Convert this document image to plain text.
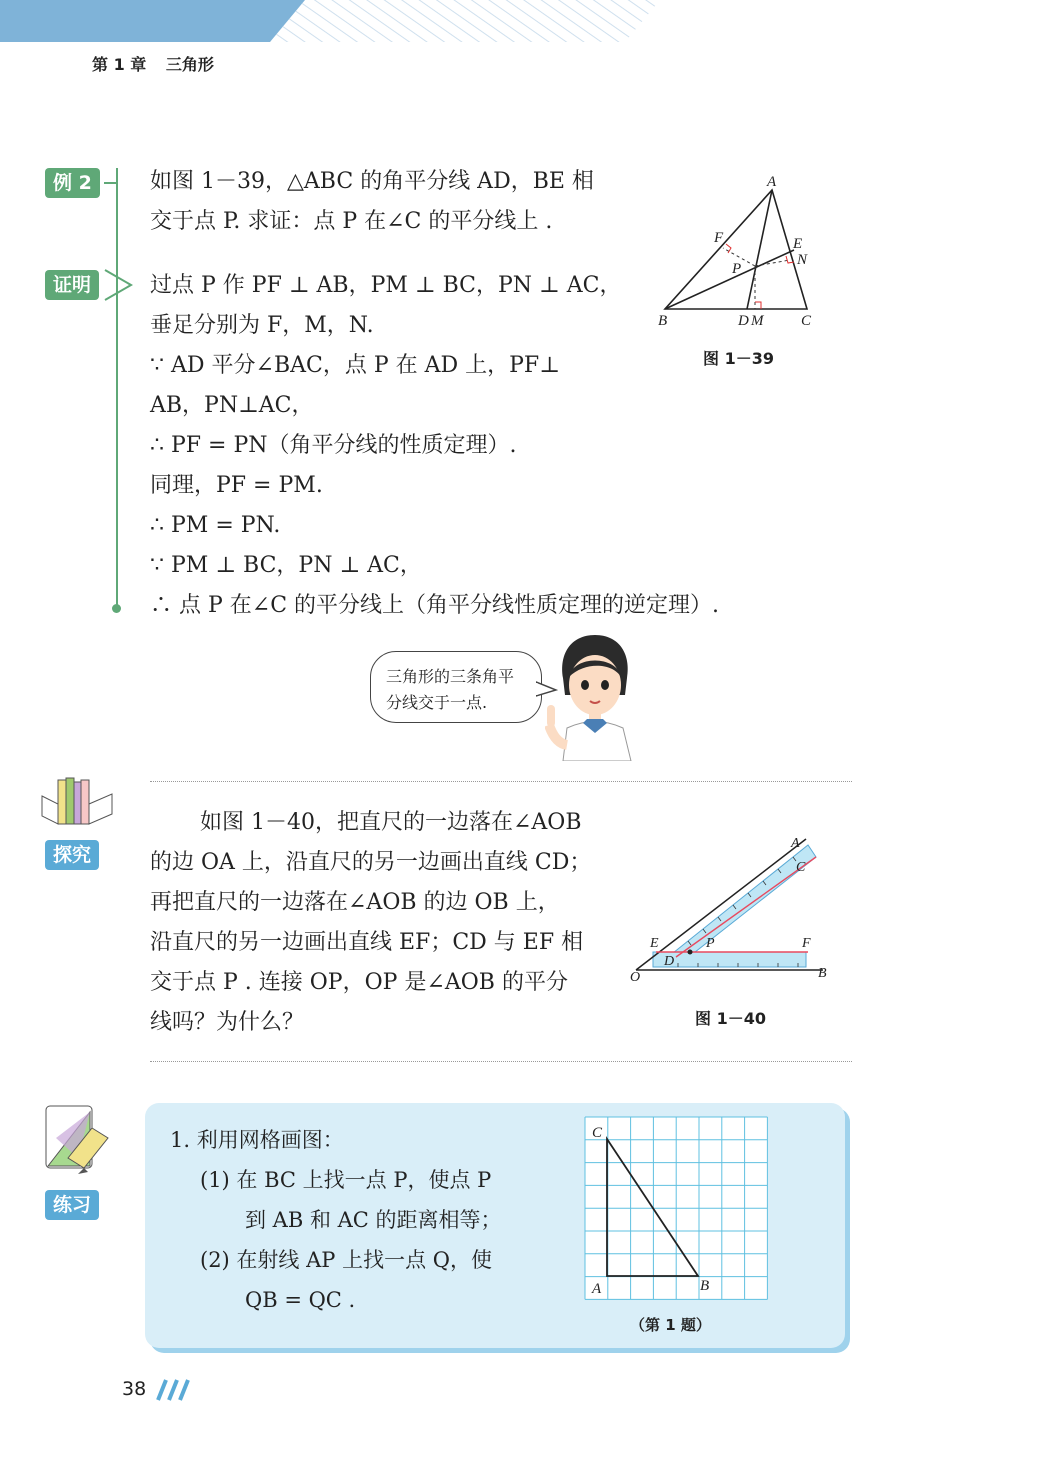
第 1 章 三角形
例 2	如图 1－39，△ABC 的角平分线 AD，BE 相
交于点 P. 求证：点 P 在∠C 的平分线上 .
证明	过点 P 作 PF ⊥ AB，PM ⊥ BC，PN ⊥ AC，
垂足分别为 F，M，N.
∵ AD 平分∠BAC，点 P 在 AD 上，PF⊥
AB，PN⊥AC，
∴ PF = PN（角平分线的性质定理）.
同理，PF = PM.
∴ PM = PN.
∵ PM ⊥ BC，PN ⊥ AC，
∴ 点 P 在∠C 的平分线上（角平分线性质定理的逆定理）.
A
B	C
D M
E
F
N
P
图 1－39
三角形的三条角平
分线交于一点.
探究
如图 1－40，把直尺的一边落在∠AOB
的边 OA 上，沿直尺的另一边画出直线 CD；
再把直尺的一边落在∠AOB 的边 OB 上，
沿直尺的另一边画出直线 EF；CD 与 EF 相
交于点 P . 连接 OP，OP 是∠AOB 的平分
线吗？为什么？
A
C
E	P	F
D
O	B
图 1－40
练习
1. 利用网格画图：
(1) 在 BC 上找一点 P，使点 P
到 AB 和 AC 的距离相等；
(2) 在射线 AP 上找一点 Q，使
QB = QC .
C
A	B
（第 1 题）
38
